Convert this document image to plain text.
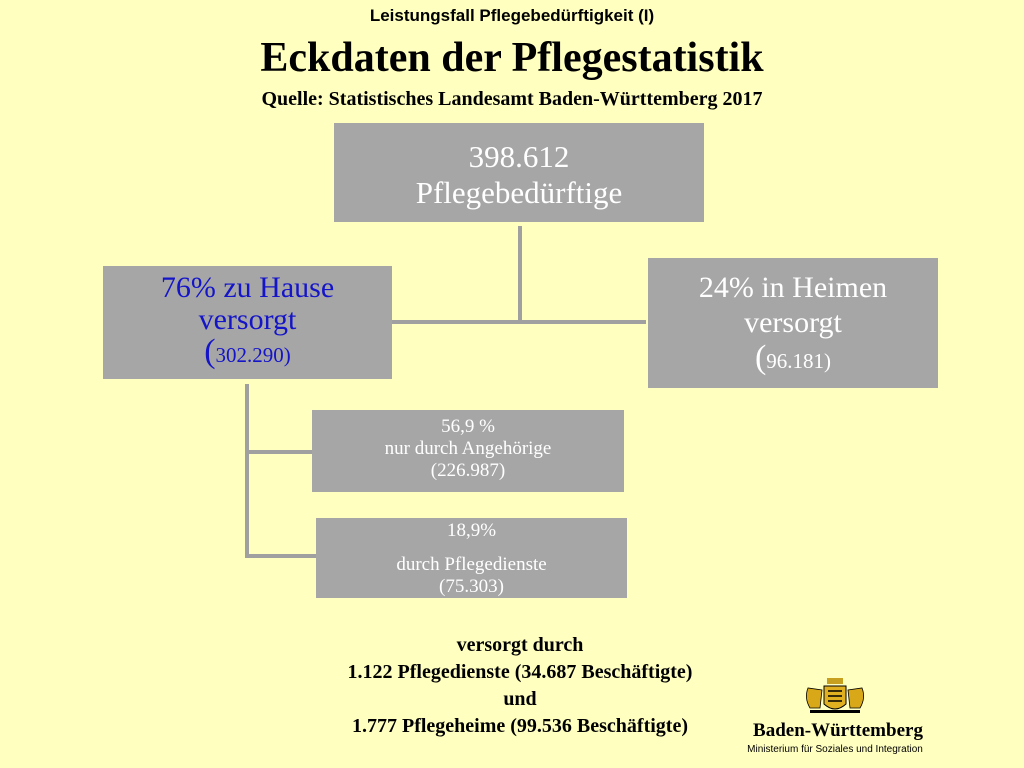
Leistungsfall Pflegebedürftigkeit (I)
Eckdaten der Pflegestatistik
Quelle: Statistisches Landesamt Baden-Württemberg 2017
398.612
Pflegebedürftige
76% zu Hause
versorgt
(302.290)
24% in Heimen
versorgt
(96.181)
56,9 %
nur durch Angehörige
(226.987)
18,9%
durch Pflegedienste
(75.303)
versorgt durch
1.122 Pflegedienste (34.687 Beschäftigte)
und
1.777 Pflegeheime (99.536 Beschäftigte)	Baden-Württemberg
Ministerium für Soziales und Integration
